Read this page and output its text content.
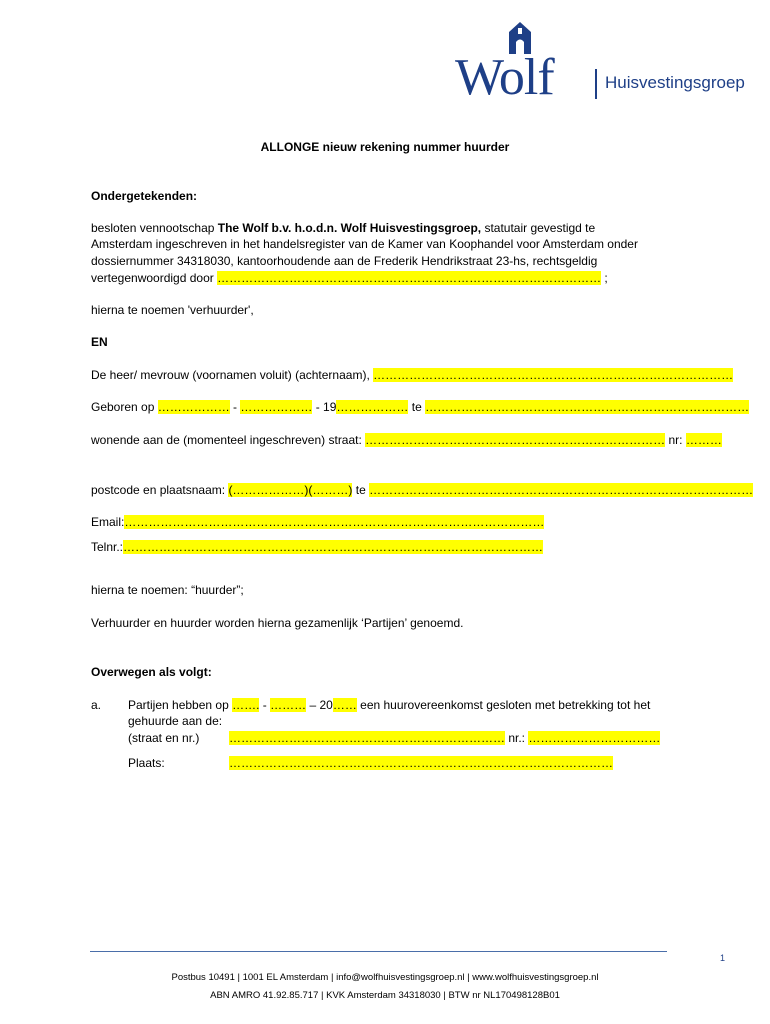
Wolf	Huisvestingsgroep
ALLONGE nieuw rekening nummer huurder
Ondergetekenden:
besloten vennootschap The Wolf b.v. h.o.d.n. Wolf Huisvestingsgroep, statutair gevestigd te
Amsterdam ingeschreven in het handelsregister van de Kamer van Koophandel voor Amsterdam onder
dossiernummer 34318030, kantoorhoudende aan de Frederik Hendrikstraat 23-hs, rechtsgeldig
vertegenwoordigd door …………………………………………………………………………………… ;
hierna te noemen 'verhuurder',
EN
De heer/ mevrouw (voornamen voluit) (achternaam), ………………………………………………………………………………
Geboren op ……………… - ……………… - 19……………… te ………………………………………………………………………
wonende aan de (momenteel ingeschreven) straat: ………………………………………………………………… nr: ………
postcode en plaatsnaam: (………………)(………) te ……………………………………………………………………………………
Email:……………………………………………………………………………………………
Telnr.:……………………………………………………………………………………………
hierna te noemen: “huurder”;
Verhuurder en huurder worden hierna gezamenlijk ‘Partijen’ genoemd.
Overwegen als volgt:
a. Partijen hebben op ……. - ……… – 20…… een huurovereenkomst gesloten met betrekking tot het
gehuurde aan de:
(straat en nr.) …………………………………………………………… nr.: ……………………………
Plaats:	……………………………………………………………………………………
1
Postbus 10491 | 1001 EL Amsterdam | info@wolfhuisvestingsgroep.nl | www.wolfhuisvestingsgroep.nl
ABN AMRO 41.92.85.717 | KVK Amsterdam 34318030 | BTW nr NL170498128B01
